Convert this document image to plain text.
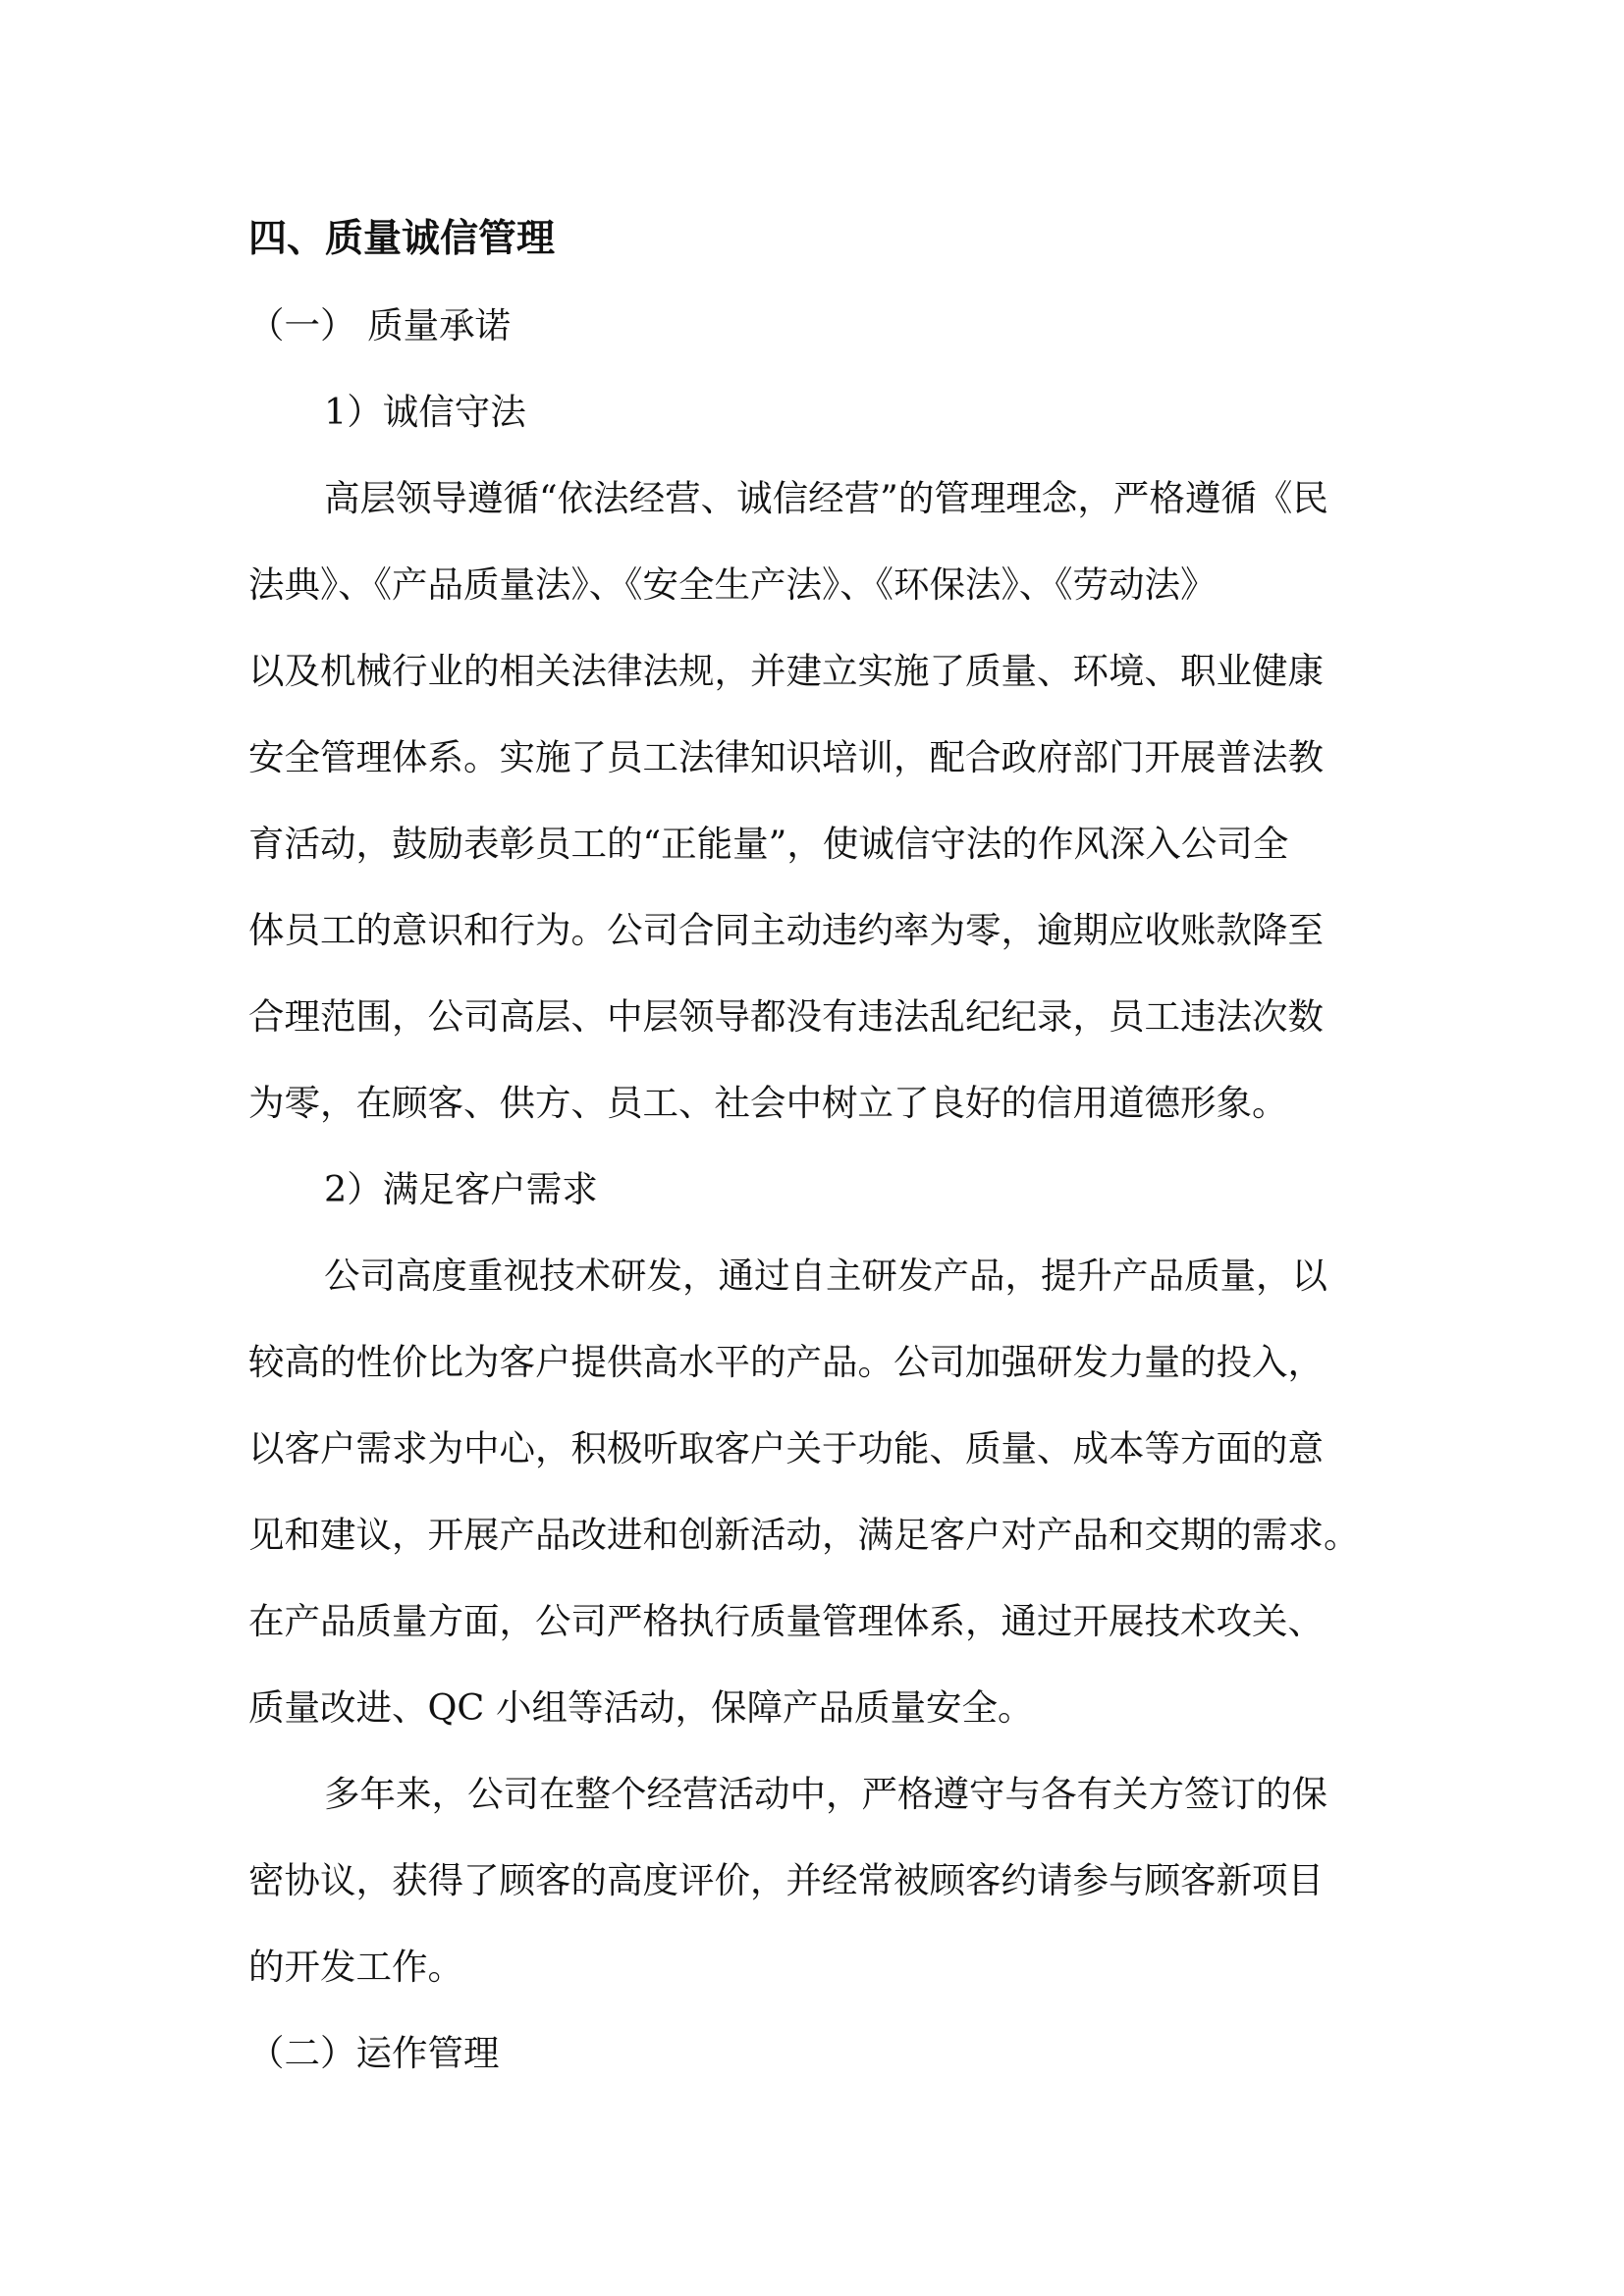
四、质量诚信管理

（一） 质量承诺

1）诚信守法

高层领导遵循“依法经营、诚信经营”的管理理念，严格遵循《民

法典》、《产品质量法》、《安全生产法》、《环保法》、《劳动法》

以及机械行业的相关法律法规，并建立实施了质量、环境、职业健康

安全管理体系。实施了员工法律知识培训，配合政府部门开展普法教

育活动，鼓励表彰员工的“正能量”，使诚信守法的作风深入公司全

体员工的意识和行为。公司合同主动违约率为零，逾期应收账款降至

合理范围，公司高层、中层领导都没有违法乱纪纪录，员工违法次数

为零，在顾客、供方、员工、社会中树立了良好的信用道德形象。

2）满足客户需求

公司高度重视技术研发，通过自主研发产品，提升产品质量，以

较高的性价比为客户提供高水平的产品。公司加强研发力量的投入，

以客户需求为中心，积极听取客户关于功能、质量、成本等方面的意

见和建议，开展产品改进和创新活动，满足客户对产品和交期的需求。

在产品质量方面，公司严格执行质量管理体系，通过开展技术攻关、

质量改进、QC 小组等活动，保障产品质量安全。

多年来，公司在整个经营活动中，严格遵守与各有关方签订的保

密协议，获得了顾客的高度评价，并经常被顾客约请参与顾客新项目

的开发工作。

（二）运作管理
